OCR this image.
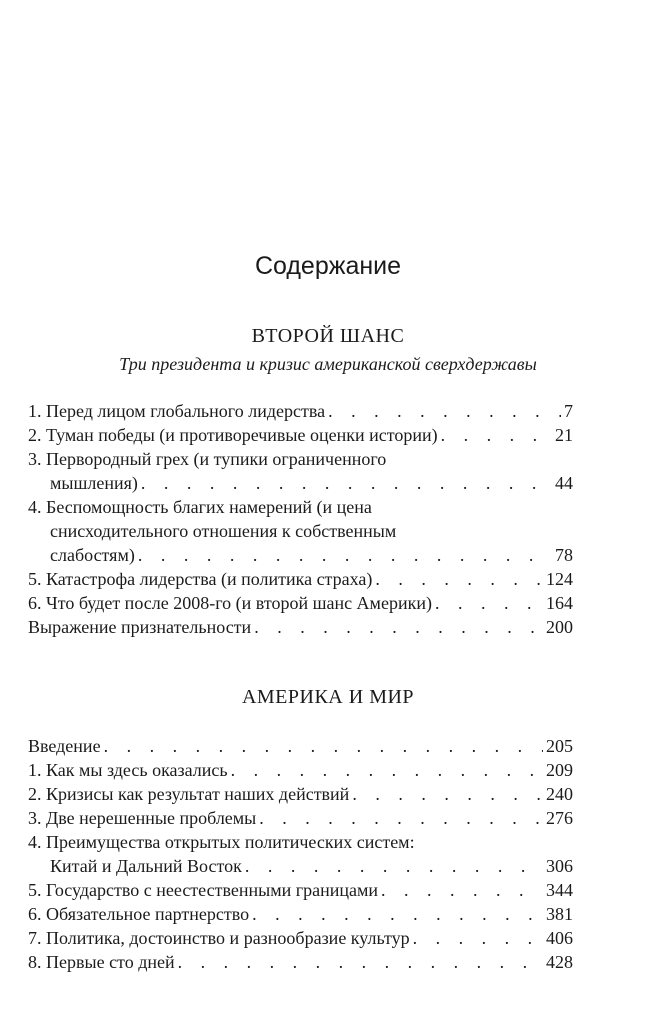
Содержание
ВТОРОЙ ШАНС
Три президента и кризис американской сверхдержавы
1. Перед лицом глобального лидерства . . .	7
2. Туман победы (и противоречивые оценки истории) . . .	21
3. Первородный грех (и тупики ограниченного
мышления) . . .	44
4. Беспомощность благих намерений (и цена
снисходительного отношения к собственным
слабостям) . . .	78
5. Катастрофа лидерства (и политика страха) . . .	124
6. Что будет после 2008-го (и второй шанс Америки) . . .	164
Выражение признательности . . .	200
АМЕРИКА И МИР
Введение . . .	205
1. Как мы здесь оказались . . .	209
2. Кризисы как результат наших действий . . .	240
3. Две нерешенные проблемы . . .	276
4. Преимущества открытых политических систем:
Китай и Дальний Восток . . .	306
5. Государство с неестественными границами . . .	344
6. Обязательное партнерство . . .	381
7. Политика, достоинство и разнообразие культур . . .	406
8. Первые сто дней . . .	428
